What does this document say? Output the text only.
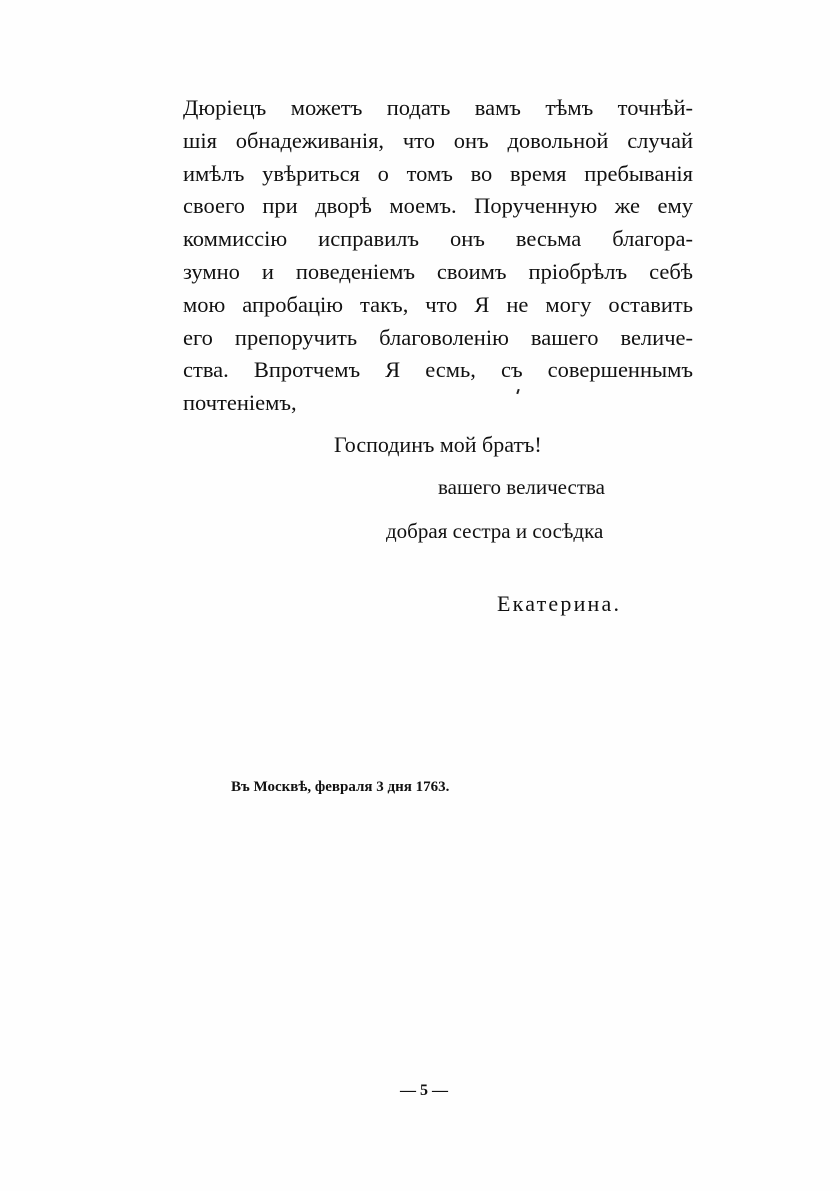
Дюріецъ можетъ подать вамъ тѣмъ точнѣй-
шія обнадеживанія, что онъ довольной случай
имѣлъ увѣриться о томъ во время пребыванія
своего при дворѣ моемъ. Порученную же ему
коммиссію исправилъ онъ весьма благора-
зумно и поведеніемъ своимъ пріобрѣлъ себѣ
мою апробацію такъ, что Я не могу оставить
его препоручить благоволенію вашего величе-
ства. Впротчемъ Я есмь, съ совершеннымъ
почтеніемъ,
Господинъ мой братъ!
вашего величества
добрая сестра и сосѣдка
Екатерина.
Въ Москвѣ, февраля 3 дня 1763.
— 5 —
